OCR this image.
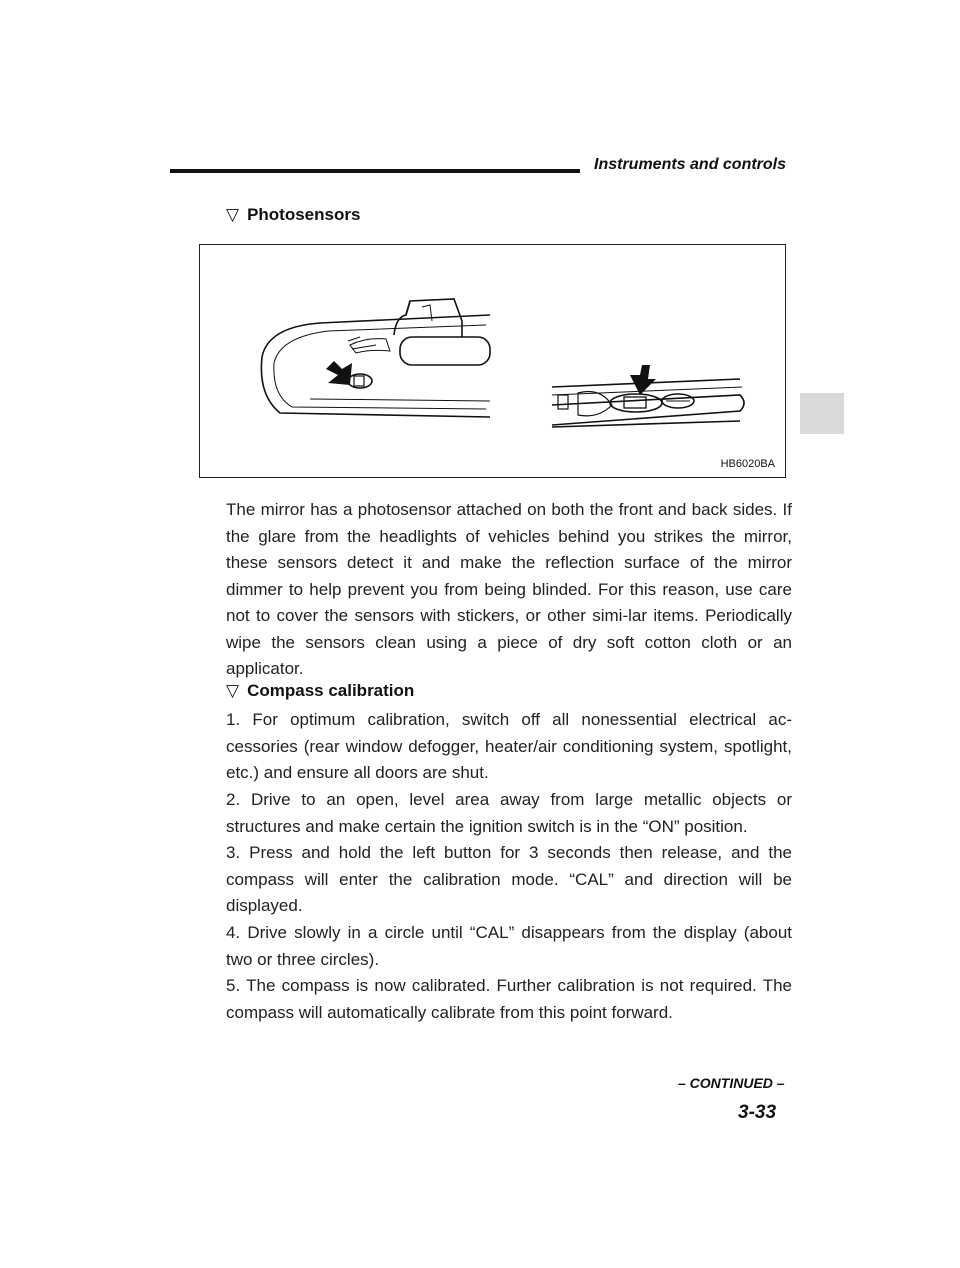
Instruments and controls
▽ Photosensors
HB6020BA

The mirror has a photosensor attached on both the front and back sides. If the glare from the headlights of vehicles behind you strikes the mirror, these sensors detect it and make the reflection surface of the mirror dimmer to help prevent you from being blinded. For this reason, use care not to cover the sensors with stickers, or other simi-lar items. Periodically wipe the sensors clean using a piece of dry soft cotton cloth or an applicator.

▽ Compass calibration

1. For optimum calibration, switch off all nonessential electrical ac-cessories (rear window defogger, heater/air conditioning system, spotlight, etc.) and ensure all doors are shut.

2. Drive to an open, level area away from large metallic objects or structures and make certain the ignition switch is in the “ON” position.

3. Press and hold the left button for 3 seconds then release, and the compass will enter the calibration mode. “CAL” and direction will be displayed.

4. Drive slowly in a circle until “CAL” disappears from the display (about two or three circles).

5. The compass is now calibrated. Further calibration is not required. The compass will automatically calibrate from this point forward.

– CONTINUED –
3-33
